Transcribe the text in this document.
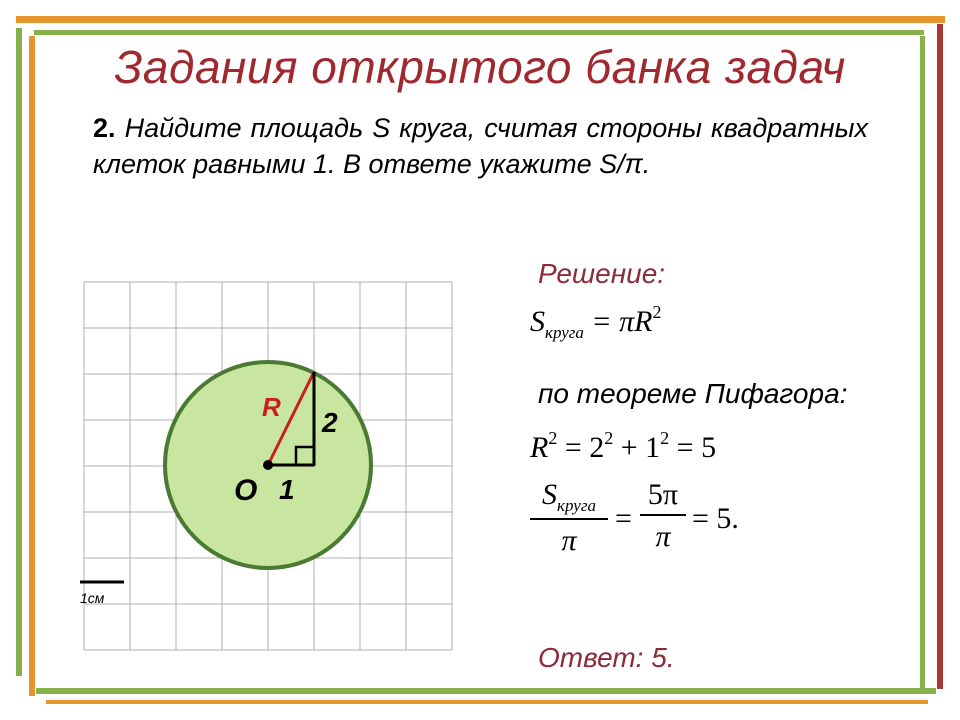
Задания открытого банка задач
2. Найдите площадь S круга, считая стороны квадратных клеток равными 1. В ответе укажите S/π.
O
R 2
1
1см
Решение:
$S_{круга} = \pi R^2$
по теореме Пифагора:
$R^2 = 2^2 + 1^2 = 5$
$S_{круга}$
π
=
5π
π
= 5.
Ответ: 5.
